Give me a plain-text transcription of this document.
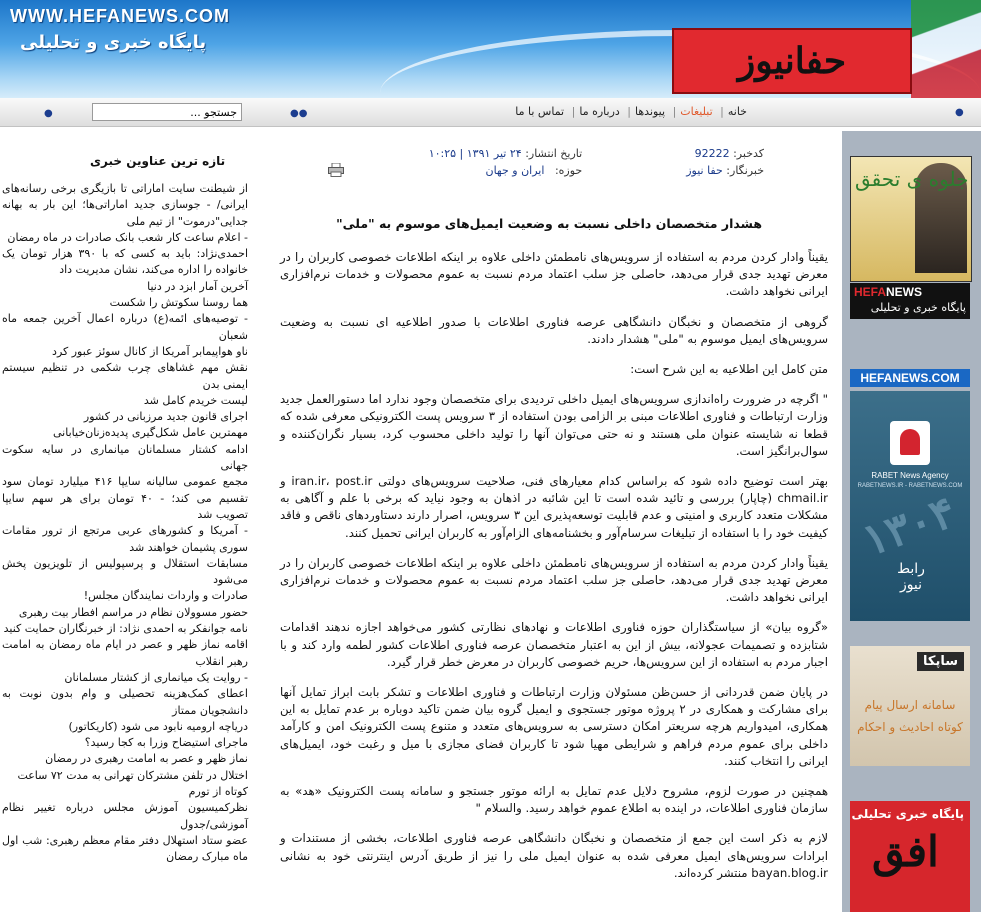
WWW.HEFANEWS.COM
پایگاه خبری و تحلیلی	حفانیوز
●
خانه| تبلیغات| پیوندها| درباره ما| تماس با ما
●●
●	جستجو ...
تازه ترین عناوین خبری
از شیطنت سایت اماراتی تا بازیگری برخی رسانه‌های ایرانی/ - جوسازی جدید اماراتی‌ها؛ این بار به بهانه جدایی"درموت" از تیم ملی
- اعلام ساعت کار شعب بانک صادرات در ماه رمضان
احمدی‌نژاد: باید به کسی که با ۳۹۰ هزار تومان یک خانواده را اداره می‌کند، نشان مدیریت داد
آخرین آمار ابزد در دنیا
هما روسنا سکوتش را شکست
- توصیه‌های ائمه(ع) درباره اعمال آخرین جمعه ماه شعبان
ناو هواپیمابر آمریکا از کانال سوئز عبور کرد
نقش مهم غشاهای چرب شکمی در تنظیم سیستم ایمنی بدن
لیست خریدم کامل شد
اجرای قانون جدید مرزبانی در کشور
مهمترین عامل شکل‌گیری پدیده‌زنان‌خیابانی
ادامه کشتار مسلمانان میانماری در سایه سکوت جهانی
مجمع عمومی سالیانه سایپا ۴۱۶ میلیارد تومان سود تقسیم می کند؛ - ۴۰ تومان برای هر سهم سایپا تصویب شد
- آمریکا و کشورهای عربی مرتجع از ترور مقامات سوری پشیمان خواهند شد
مسابقات استقلال و پرسپولیس از تلویزیون پخش می‌شود
صادرات و واردات نمایندگان مجلس!
حضور مسوولان نظام در مراسم افطار بیت رهبری
نامه جوانفکر به احمدی نژاد: از خبرنگاران حمایت کنید
اقامه نماز ظهر و عصر در ایام ماه رمضان به امامت رهبر انقلاب
- روایت یک میانماری از کشتار مسلمانان
اعطای کمک‌هزینه تحصیلی و وام بدون نوبت به دانشجویان ممتاز
دریاچه ارومیه نابود می شود (کاریکاتور)
ماجرای استیضاح وزرا به کجا رسید؟
نماز ظهر و عصر به امامت رهبری در رمضان
اختلال در تلفن مشترکان تهرانی به مدت ۷۲ ساعت
کوتاه از تورم
نظرکمیسیون آموزش مجلس درباره تغییر نظام آموزشی/جدول
عضو ستاد استهلال دفتر مقام معظم رهبری: شب اول ماه مبارک رمضان
کدخبر: 92222	تاریخ انتشار: ۲۴ تیر ۱۳۹۱ | ۱۰:۲۵
خبرنگار: حفا نیوز	حوزه:   ایران و جهان
هشدار متخصصان داخلی نسبت به وضعیت ایمیل‌های موسوم به "ملی"

یقیناً وادار کردن مردم به استفاده از سرویس‌های نامطمئن داخلی علاوه بر اینکه اطلاعات خصوصی کاربران را در معرض تهدید جدی قرار می‌دهد، حاصلی جز سلب اعتماد مردم نسبت به عموم محصولات و خدمات نرم‌افزاری ایرانی نخواهد داشت.

گروهی از متخصصان و نخبگان دانشگاهی عرصه فناوری اطلاعات با صدور اطلاعیه ای نسبت به وضعیت سرویس‌های ایمیل موسوم به "ملی" هشدار دادند.

متن کامل این اطلاعیه به این شرح است:

" اگرچه در ضرورت راه‌اندازی سرویس‌های ایمیل داخلی تردیدی برای متخصصان وجود ندارد اما دستورالعمل جدید وزارت ارتباطات و فناوری اطلاعات مبنی بر الزامی بودن استفاده از ۳ سرویس پست الکترونیکی معرفی شده که قطعا نه شایسته عنوان ملی هستند و نه حتی می‌توان آنها را تولید داخلی محسوب کرد، بسیار نگران‌کننده و سوال‌برانگیز است.

بهتر است توضیح داده شود که براساس کدام معیارهای فنی، صلاحیت سرویس‌های دولتی iran.ir، post.ir و chmail.ir (چاپار) بررسی و تائید شده است تا این شائبه در اذهان به وجود نیاید که برخی با علم و آگاهی به مشکلات متعدد کاربری و امنیتی و عدم قابلیت توسعه‌پذیری این ۳ سرویس، اصرار دارند دستاوردهای ناقص و فاقد کیفیت خود را با استفاده از تبلیغات سرسام‌آور و بخشنامه‌های الزام‌آور به کاربران ایرانی تحمیل کنند.

یقیناً وادار کردن مردم به استفاده از سرویس‌های نامطمئن داخلی علاوه بر اینکه اطلاعات خصوصی کاربران را در معرض تهدید جدی قرار می‌دهد، حاصلی جز سلب اعتماد مردم نسبت به عموم محصولات و خدمات نرم‌افزاری ایرانی نخواهد داشت.

«گروه بیان» از سیاستگذاران حوزه فناوری اطلاعات و نهادهای نظارتی کشور می‌خواهد اجازه ندهند اقدامات شتابزده و تصمیمات عجولانه، بیش از این به اعتبار متخصصان عرصه فناوری اطلاعات کشور لطمه وارد کند و با اجبار مردم به استفاده از این سرویس‌ها، حریم خصوصی کاربران در معرض خطر قرار گیرد.

در پایان ضمن قدردانی از حسن‌ظن مسئولان وزارت ارتباطات و فناوری اطلاعات و تشکر بابت ابراز تمایل آنها برای مشارکت و همکاری در ۲ پروژه موتور جستجوی و ایمیل گروه بیان ضمن تاکید دوباره بر عدم تمایل به این همکاری، امیدواریم هرچه سریعتر امکان دسترسی به سرویس‌های متعدد و متنوع پست الکترونیک امن و کارآمد داخلی برای عموم مردم فراهم و شرایطی مهیا شود تا کاربران فضای مجازی با میل و رغبت خود، ایمیل‌های ایرانی را انتخاب کنند.

همچنین در صورت لزوم، مشروح دلایل عدم تمایل به ارائه موتور جستجو و سامانه پست الکترونیک «هد» به سازمان فناوری اطلاعات، در اینده به اطلاع عموم خواهد رسید. والسلام "

لازم به ذکر است این جمع از متخصصان و نخبگان دانشگاهی عرصه فناوری اطلاعات، بخشی از مستندات و ابرادات سرویس‌های ایمیل معرفی شده به عنوان ایمیل ملی را نیز از طریق آدرس اینترنتی خود به نشانی bayan.blog.ir منتشر کرده‌اند.

جلوه ی تحقق
HEFANEWS
پایگاه خبری و تحلیلی
HEFANEWS.COM
RABET News Agency
RABETNEWS.IR - RABETNEWS.COM
۱۳۰۴
رابط نیوز
ساپکا
سامانه ارسال پیام کوتاه احادیث و احکام
پایگاه خبری تحلیلی
افق
